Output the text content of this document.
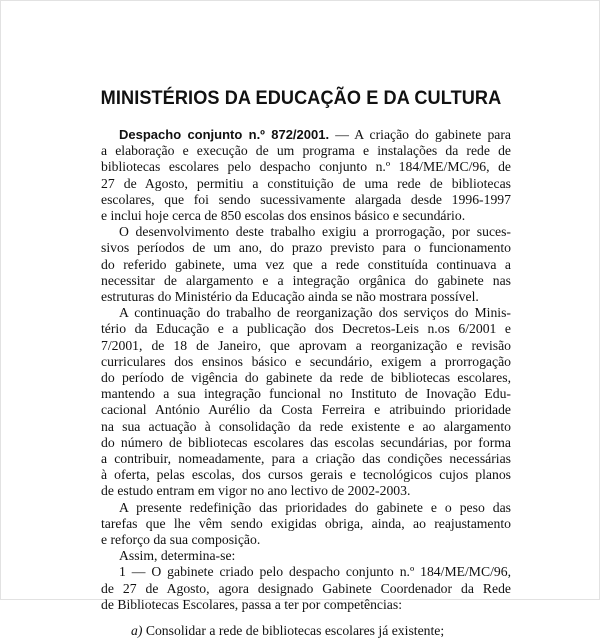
MINISTÉRIOS DA EDUCAÇÃO E DA CULTURA
Despacho conjunto n.º 872/2001. — A criação do gabinete para
a elaboração e execução de um programa e instalações da rede de
bibliotecas escolares pelo despacho conjunto n.º 184/ME/MC/96, de
27 de Agosto, permitiu a constituição de uma rede de bibliotecas
escolares, que foi sendo sucessivamente alargada desde 1996-1997
e inclui hoje cerca de 850 escolas dos ensinos básico e secundário.
O desenvolvimento deste trabalho exigiu a prorrogação, por suces-
sivos períodos de um ano, do prazo previsto para o funcionamento
do referido gabinete, uma vez que a rede constituída continuava a
necessitar de alargamento e a integração orgânica do gabinete nas
estruturas do Ministério da Educação ainda se não mostrara possível.
A continuação do trabalho de reorganização dos serviços do Minis-
tério da Educação e a publicação dos Decretos-Leis n.os 6/2001 e
7/2001, de 18 de Janeiro, que aprovam a reorganização e revisão
curriculares dos ensinos básico e secundário, exigem a prorrogação
do período de vigência do gabinete da rede de bibliotecas escolares,
mantendo a sua integração funcional no Instituto de Inovação Edu-
cacional António Aurélio da Costa Ferreira e atribuindo prioridade
na sua actuação à consolidação da rede existente e ao alargamento
do número de bibliotecas escolares das escolas secundárias, por forma
a contribuir, nomeadamente, para a criação das condições necessárias
à oferta, pelas escolas, dos cursos gerais e tecnológicos cujos planos
de estudo entram em vigor no ano lectivo de 2002-2003.
A presente redefinição das prioridades do gabinete e o peso das
tarefas que lhe vêm sendo exigidas obriga, ainda, ao reajustamento
e reforço da sua composição.
Assim, determina-se:
1 — O gabinete criado pelo despacho conjunto n.º 184/ME/MC/96,
de 27 de Agosto, agora designado Gabinete Coordenador da Rede
de Bibliotecas Escolares, passa a ter por competências:
a) Consolidar a rede de bibliotecas escolares já existente;
